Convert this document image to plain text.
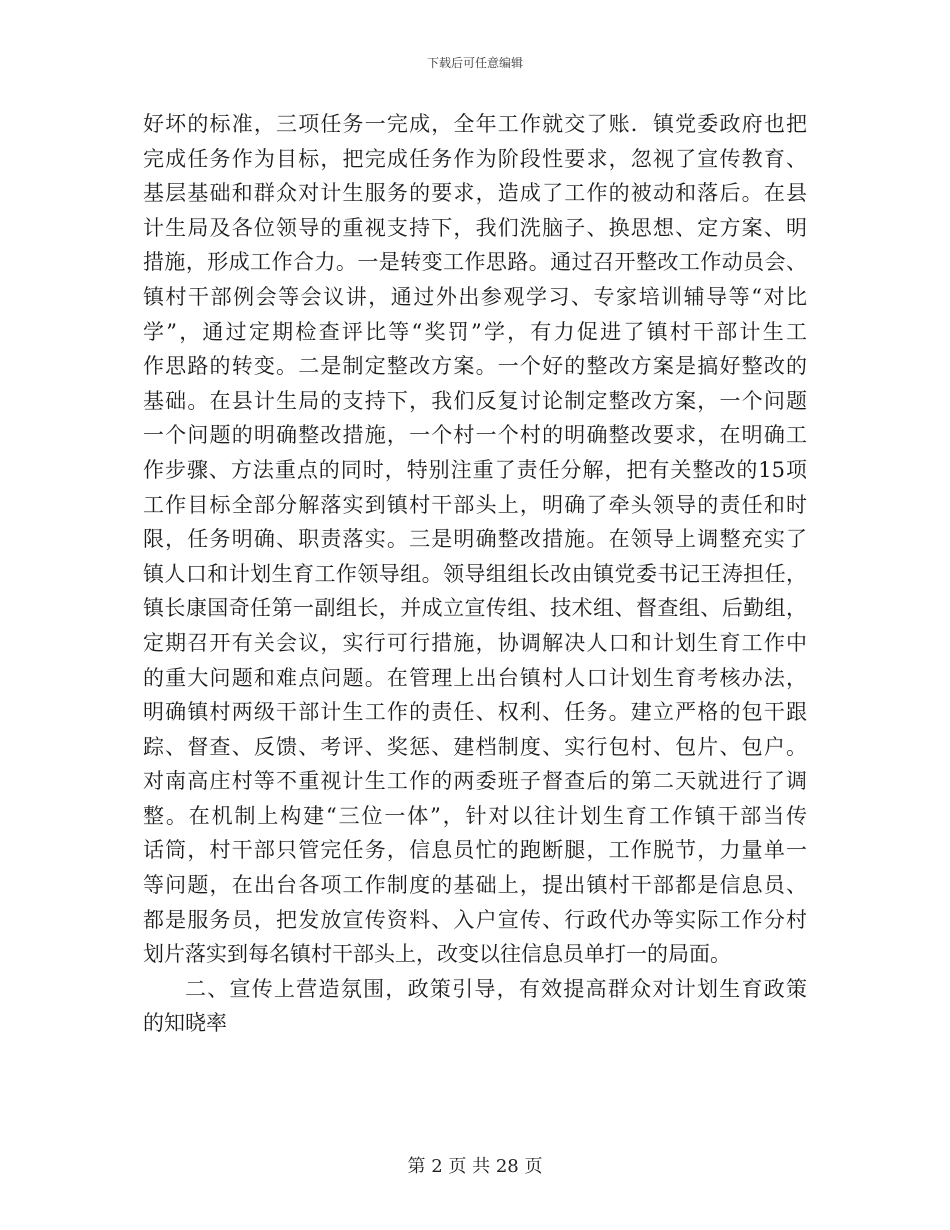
下载后可任意编辑
好坏的标准，三项任务一完成，全年工作就交了账．镇党委政府也把
完成任务作为目标，把完成任务作为阶段性要求，忽视了宣传教育、
基层基础和群众对计生服务的要求，造成了工作的被动和落后。在县
计生局及各位领导的重视支持下，我们洗脑子、换思想、定方案、明
措施，形成工作合力。一是转变工作思路。通过召开整改工作动员会、
镇村干部例会等会议讲，通过外出参观学习、专家培训辅导等“对比
学”，通过定期检查评比等“奖罚”学，有力促进了镇村干部计生工
作思路的转变。二是制定整改方案。一个好的整改方案是搞好整改的
基础。在县计生局的支持下，我们反复讨论制定整改方案，一个问题
一个问题的明确整改措施，一个村一个村的明确整改要求，在明确工
作步骤、方法重点的同时，特别注重了责任分解，把有关整改的15项
工作目标全部分解落实到镇村干部头上，明确了牵头领导的责任和时
限，任务明确、职责落实。三是明确整改措施。在领导上调整充实了
镇人口和计划生育工作领导组。领导组组长改由镇党委书记王涛担任，
镇长康国奇任第一副组长，并成立宣传组、技术组、督查组、后勤组，
定期召开有关会议，实行可行措施，协调解决人口和计划生育工作中
的重大问题和难点问题。在管理上出台镇村人口计划生育考核办法，
明确镇村两级干部计生工作的责任、权利、任务。建立严格的包干跟
踪、督查、反馈、考评、奖惩、建档制度、实行包村、包片、包户。
对南高庄村等不重视计生工作的两委班子督查后的第二天就进行了调
整。在机制上构建“三位一体”，针对以往计划生育工作镇干部当传
话筒，村干部只管完任务，信息员忙的跑断腿，工作脱节，力量单一
等问题，在出台各项工作制度的基础上，提出镇村干部都是信息员、
都是服务员，把发放宣传资料、入户宣传、行政代办等实际工作分村
划片落实到每名镇村干部头上，改变以往信息员单打一的局面。
二、宣传上营造氛围，政策引导，有效提高群众对计划生育政策
的知晓率
第 2 页 共 28 页
